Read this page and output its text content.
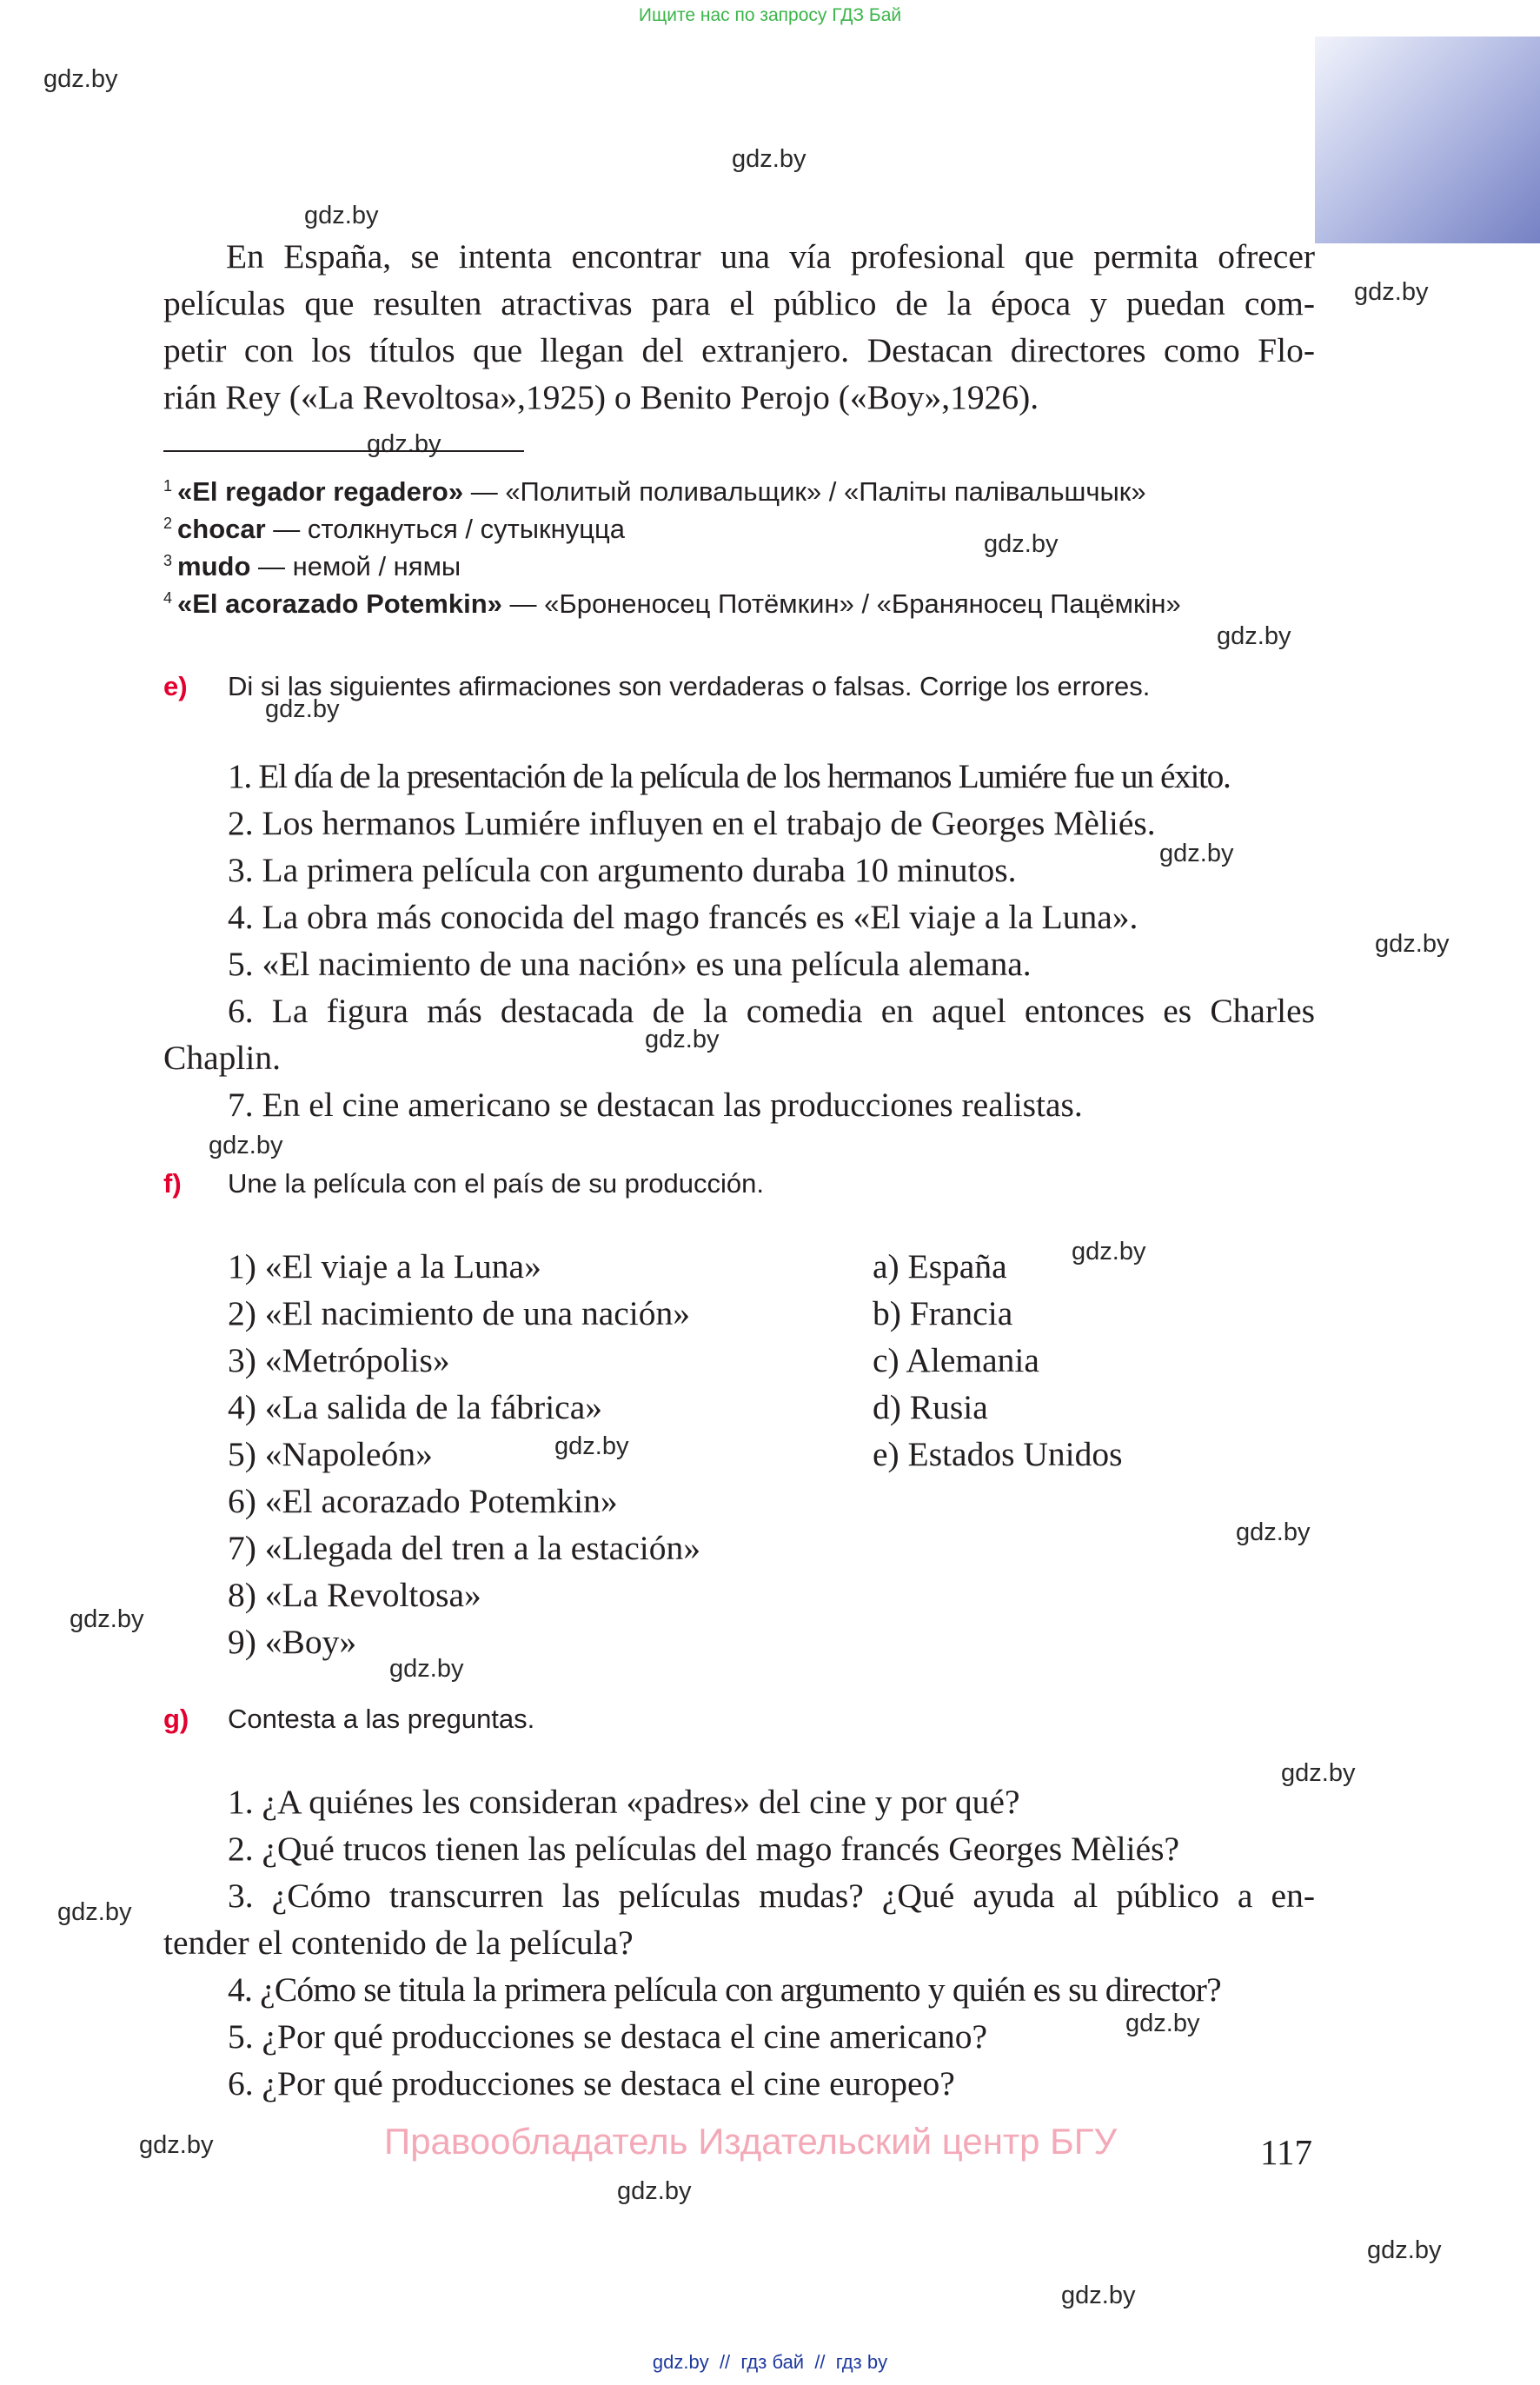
Ищите нас по запросу ГДЗ Бай
gdz.by
gdz.by
gdz.by
gdz.by
gdz.by
gdz.by
gdz.by
gdz.by
gdz.by
gdz.by
gdz.by
gdz.by
gdz.by
gdz.by
gdz.by
gdz.by
gdz.by
gdz.by
gdz.by
gdz.by
gdz.by
gdz.by
gdz.by
gdz.by
En España, se intenta encontrar una vía profesional que permita ofrecer
películas que resulten atractivas para el público de la época y puedan com-
petir con los títulos que llegan del extranjero. Destacan directores como Flo-
rián Rey («La Revoltosa»,1925) o Benito Perojo («Boy»,1926).
$^1$ «El regador regadero» — «Политый поливальщик» / «Паліты палівальшчык»
$^2$ chocar — столкнуться / сутыкнуцца
$^3$ mudo — немой / нямы
$^4$ «El acorazado Potemkin» — «Броненосец Потёмкин» / «Браняносец Пацёмкін»
e) Di si las siguientes afirmaciones son verdaderas o falsas. Corrige los errores.
1. El día de la presentación de la película de los hermanos Lumiére fue un éxito.
2. Los hermanos Lumiére influyen en el trabajo de Georges Mèliés.
3. La primera película con argumento duraba 10 minutos.
4. La obra más conocida del mago francés es «El viaje a la Luna».
5. «El nacimiento de una nación» es una película alemana.
6. La figura más destacada de la comedia en aquel entonces es Charles
Chaplin.
7. En el cine americano se destacan las producciones realistas.
f) Une la película con el país de su producción.
1) «El viaje a la Luna»
2) «El nacimiento de una nación»
3) «Metrópolis»
4) «La salida de la fábrica»
5) «Napoleón»
6) «El acorazado Potemkin»
7) «Llegada del tren a la estación»
8) «La Revoltosa»
9) «Boy»
a) España
b) Francia
c) Alemania
d) Rusia
e) Estados Unidos
g) Contesta a las preguntas.
1. ¿A quiénes les consideran «padres» del cine y por qué?
2. ¿Qué trucos tienen las películas del mago francés Georges Mèliés?
3. ¿Cómo transcurren las películas mudas? ¿Qué ayuda al público a en-
tender el contenido de la película?
4. ¿Cómo se titula la primera película con argumento y quién es su director?
5. ¿Por qué producciones se destaca el cine americano?
6. ¿Por qué producciones se destaca el cine europeo?
Правообладатель Издательский центр БГУ	117
gdz.by  //  гдз бай  //  гдз by
